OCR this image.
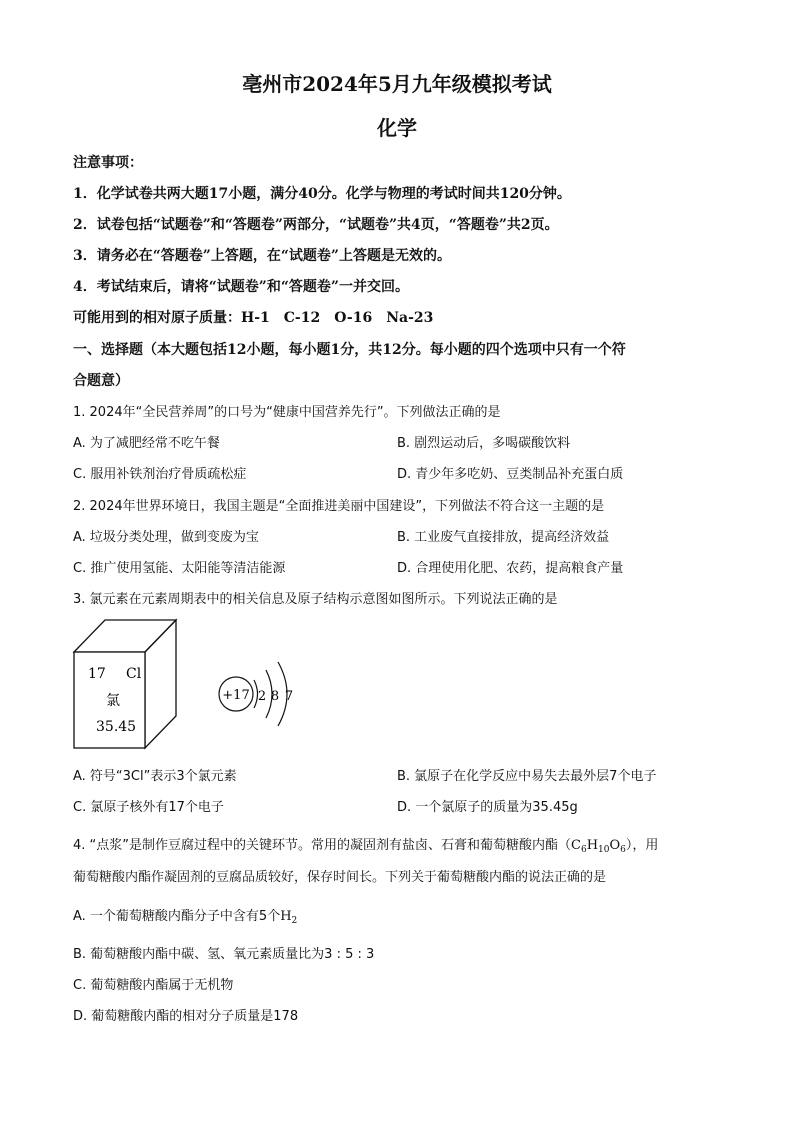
亳州市2024年5月九年级模拟考试
化学
注意事项：
1．化学试卷共两大题17小题，满分40分。化学与物理的考试时间共120分钟。
2．试卷包括“试题卷”和“答题卷”两部分，“试题卷”共4页，“答题卷”共2页。
3．请务必在“答题卷”上答题，在“试题卷”上答题是无效的。
4．考试结束后，请将“试题卷”和“答题卷”一并交回。
可能用到的相对原子质量：H-1　C-12　O-16　Na-23
一、选择题（本大题包括12小题，每小题1分，共12分。每小题的四个选项中只有一个符
合题意）
1. 2024年“全民营养周”的口号为“健康中国营养先行”。下列做法正确的是
A. 为了减肥经常不吃午餐	B. 剧烈运动后，多喝碳酸饮料
C. 服用补铁剂治疗骨质疏松症	D. 青少年多吃奶、豆类制品补充蛋白质
2. 2024年世界环境日，我国主题是“全面推进美丽中国建设”，下列做法不符合这一主题的是
A. 垃圾分类处理，做到变废为宝	B. 工业废气直接排放，提高经济效益
C. 推广使用氢能、太阳能等清洁能源	D. 合理使用化肥、农药，提高粮食产量
3. 氯元素在元素周期表中的相关信息及原子结构示意图如图所示。下列说法正确的是
17 Cl
氯
35.45
+17 2 8 7
A. 符号“3Cl”表示3个氯元素	B. 氯原子在化学反应中易失去最外层7个电子
C. 氯原子核外有17个电子	D. 一个氯原子的质量为35.45g
4. “点浆”是制作豆腐过程中的关键环节。常用的凝固剂有盐卤、石膏和葡萄糖酸内酯$(C_6H_{10}O_6)$，用
葡萄糖酸内酯作凝固剂的豆腐品质较好，保存时间长。下列关于葡萄糖酸内酯的说法正确的是
A. 一个葡萄糖酸内酯分子中含有5个$H_2$
B. 葡萄糖酸内酯中碳、氢、氧元素质量比为3 : 5 : 3
C. 葡萄糖酸内酯属于无机物
D. 葡萄糖酸内酯的相对分子质量是178
